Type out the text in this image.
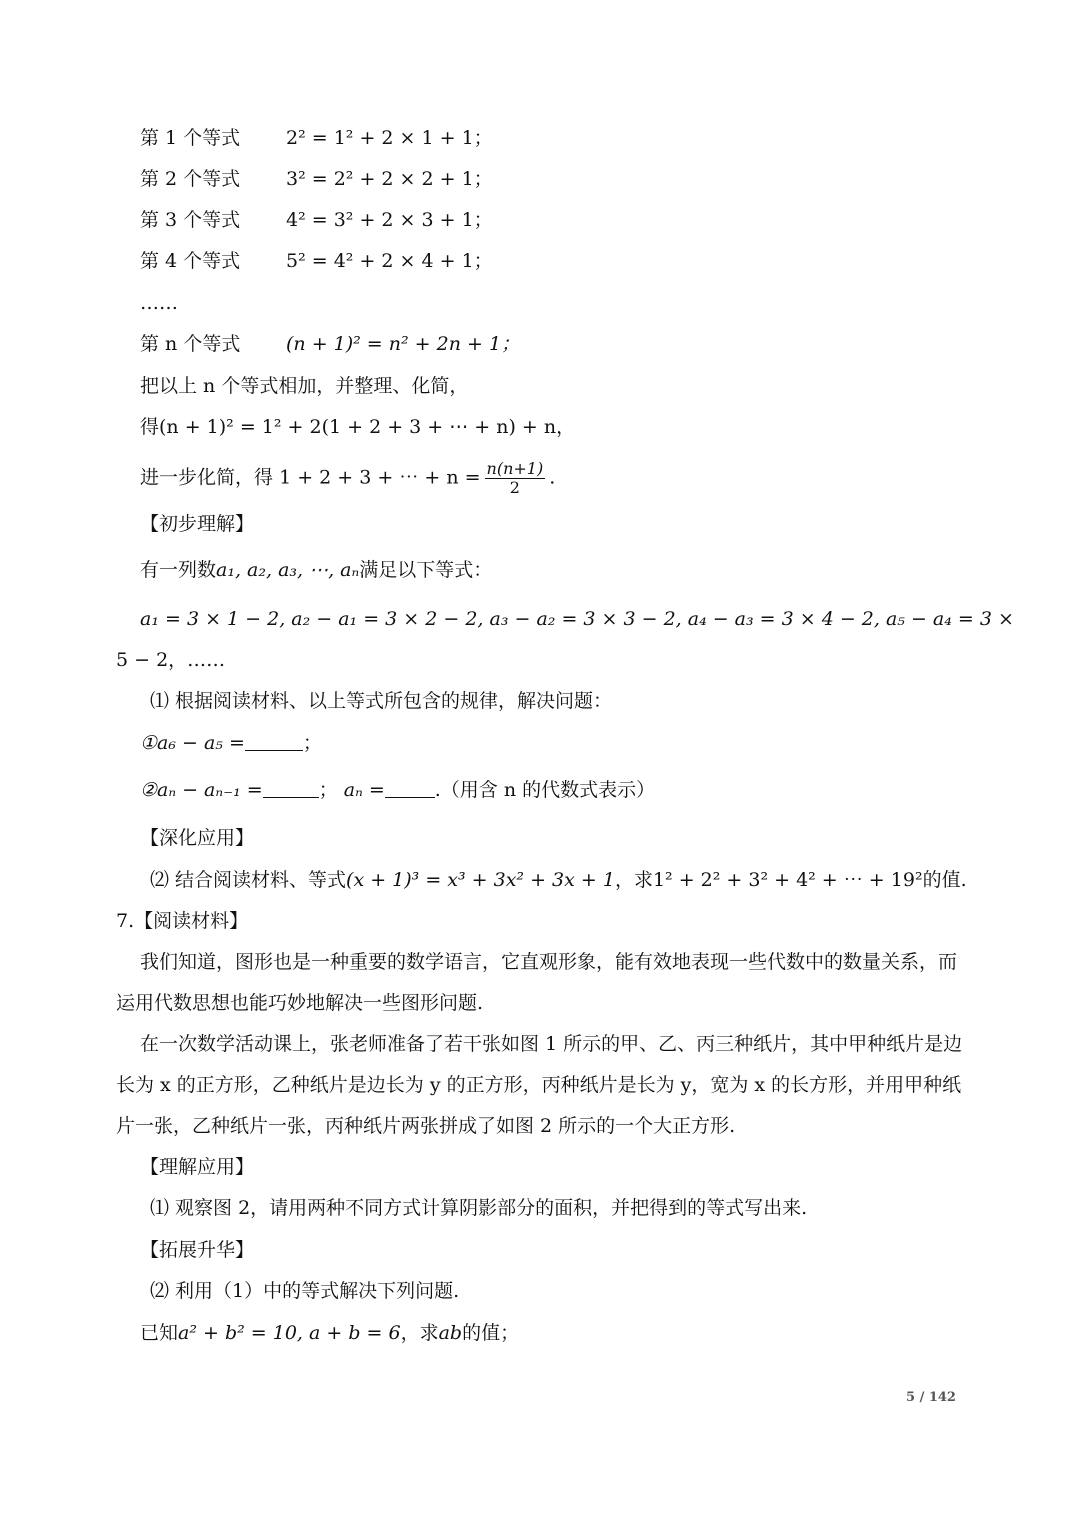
第 1 个等式 2² = 1² + 2 × 1 + 1；
第 2 个等式 3² = 2² + 2 × 2 + 1；
第 3 个等式 4² = 3² + 2 × 3 + 1；
第 4 个等式 5² = 4² + 2 × 4 + 1；
……
第 n 个等式 (n + 1)² = n² + 2n + 1；
把以上 n 个等式相加，并整理、化简，
得(n + 1)² = 1² + 2(1 + 2 + 3 + ⋯ + n) + n，
进一步化简，得 1 + 2 + 3 + ⋯ + $n = \frac{n(n+1)}{2}$ .
【初步理解】
有一列数a₁, a₂, a₃, ⋯, aₙ满足以下等式：
a₁ = 3 × 1 − 2, a₂ − a₁ = 3 × 2 − 2, a₃ − a₂ = 3 × 3 − 2, a₄ − a₃ = 3 × 4 − 2, a₅ − a₄ = 3 ×
5 − 2，……
⑴ 根据阅读材料、以上等式所包含的规律，解决问题：
①a₆ − a₅ =	；
②aₙ − aₙ₋₁ =	； aₙ =	.（用含 n 的代数式表示）
【深化应用】
⑵ 结合阅读材料、等式(x + 1)³ = x³ + 3x² + 3x + 1，求1² + 2² + 3² + 4² + ⋯ + 19²的值.
7.【阅读材料】
我们知道，图形也是一种重要的数学语言，它直观形象，能有效地表现一些代数中的数量关系，而
运用代数思想也能巧妙地解决一些图形问题.
在一次数学活动课上，张老师准备了若干张如图 1 所示的甲、乙、丙三种纸片，其中甲种纸片是边
长为 x 的正方形，乙种纸片是边长为 y 的正方形，丙种纸片是长为 y，宽为 x 的长方形，并用甲种纸
片一张，乙种纸片一张，丙种纸片两张拼成了如图 2 所示的一个大正方形.
【理解应用】
⑴ 观察图 2，请用两种不同方式计算阴影部分的面积，并把得到的等式写出来.
【拓展升华】
⑵ 利用（1）中的等式解决下列问题.
已知a² + b² = 10, a + b = 6，求ab的值；
5 / 142
